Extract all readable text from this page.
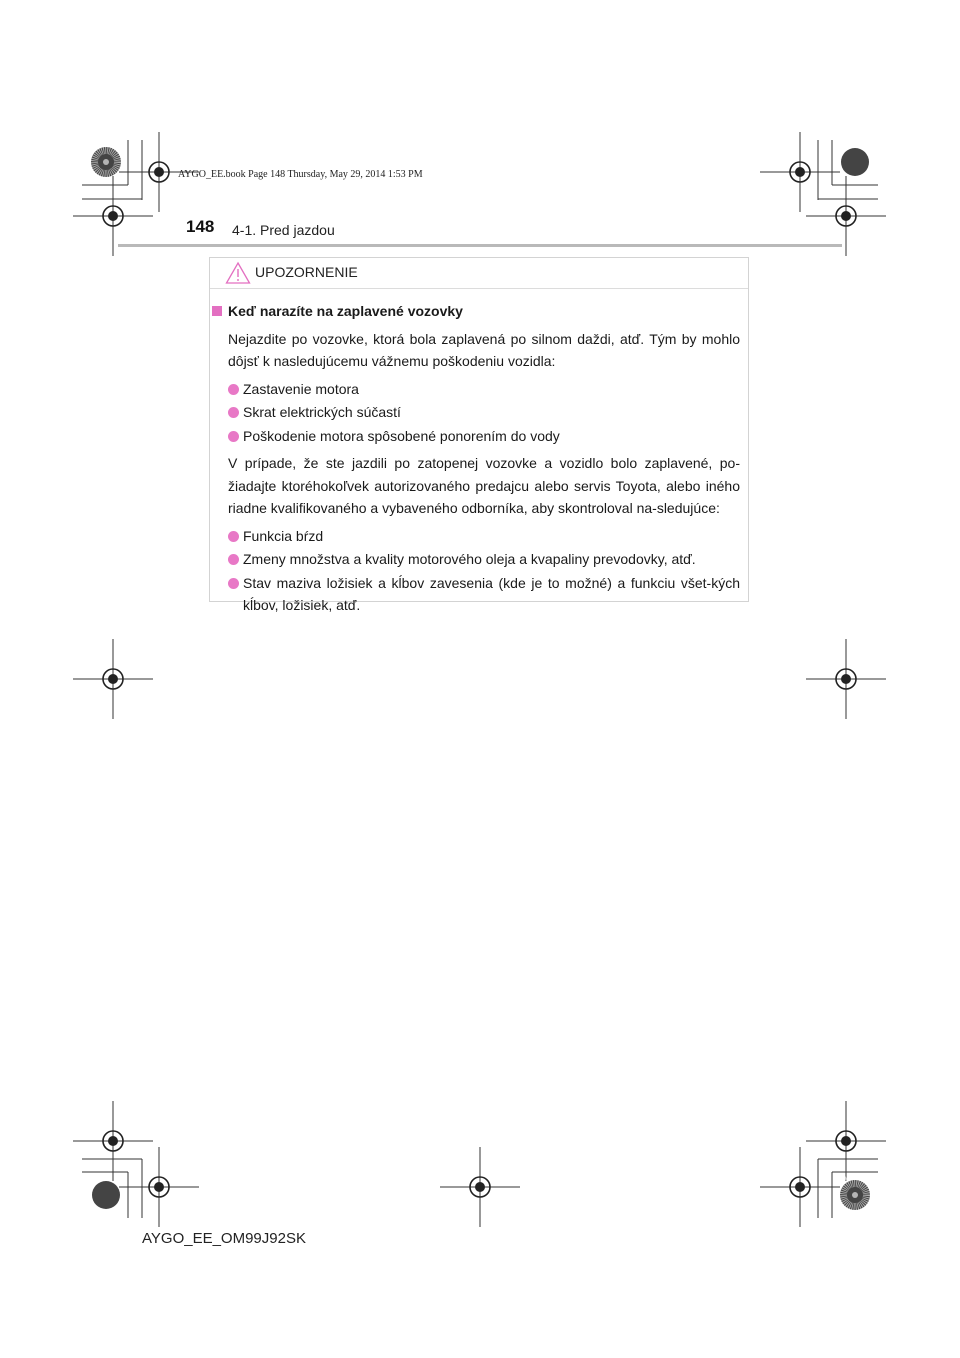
AYGO_EE.book Page 148 Thursday, May 29, 2014 1:53 PM
148 4-1. Pred jazdou
UPOZORNENIE
Keď narazíte na zaplavené vozovky
Nejazdite po vozovke, ktorá bola zaplavená po silnom daždi, atď. Tým by mohlo dôjsť k nasledujúcemu vážnemu poškodeniu vozidla:
Zastavenie motora
Skrat elektrických súčastí
Poškodenie motora spôsobené ponorením do vody
V prípade, že ste jazdili po zatopenej vozovke a vozidlo bolo zaplavené, po-žiadajte ktoréhokoľvek autorizovaného predajcu alebo servis Toyota, alebo iného riadne kvalifikovaného a vybaveného odborníka, aby skontroloval na-sledujúce:
Funkcia bŕzd
Zmeny množstva a kvality motorového oleja a kvapaliny prevodovky, atď.
Stav maziva ložisiek a kĺbov zavesenia (kde je to možné) a funkciu všet-kých kĺbov, ložisiek, atď.
AYGO_EE_OM99J92SK
